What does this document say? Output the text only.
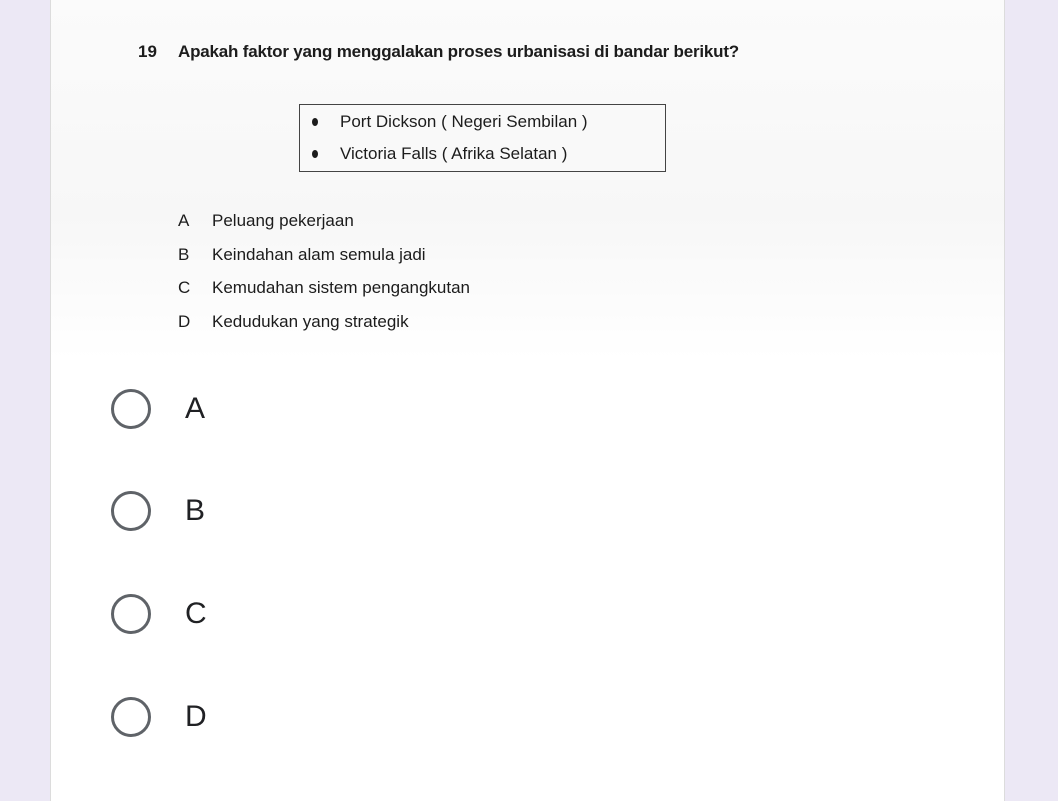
19 Apakah faktor yang menggalakan proses urbanisasi di bandar berikut?
Port Dickson ( Negeri Sembilan )
Victoria Falls ( Afrika Selatan )
A Peluang pekerjaan
B Keindahan alam semula jadi
C Kemudahan sistem pengangkutan
D Kedudukan yang strategik
A
B
C
D
